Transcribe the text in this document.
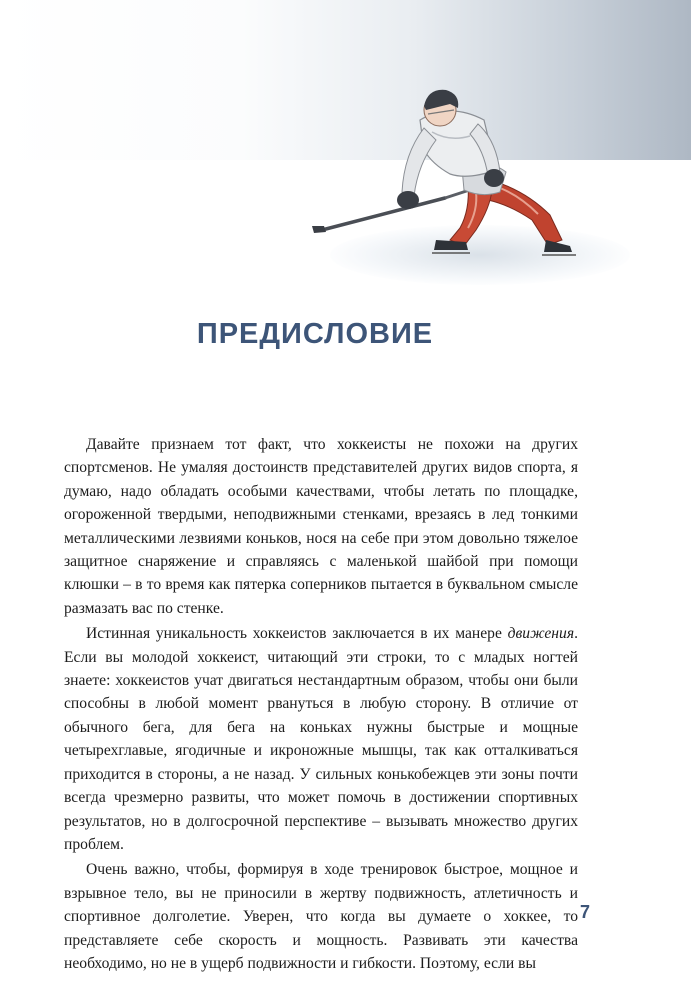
ПРЕДИСЛОВИЕ

Давайте признаем тот факт, что хоккеисты не похожи на других спортсменов. Не умаляя достоинств представителей других видов спорта, я думаю, надо обладать особыми качествами, чтобы летать по площадке, огороженной твердыми, неподвижными стенками, врезаясь в лед тонкими металлическими лезвиями коньков, нося на себе при этом довольно тяжелое защитное снаряжение и справляясь с маленькой шайбой при помощи клюшки – в то время как пятерка соперников пытается в буквальном смысле размазать вас по стенке.

Истинная уникальность хоккеистов заключается в их манере движения. Если вы молодой хоккеист, читающий эти строки, то с младых ногтей знаете: хоккеистов учат двигаться нестандартным образом, чтобы они были способны в любой момент рвануться в любую сторону. В отличие от обычного бега, для бега на коньках нужны быстрые и мощные четырехглавые, ягодичные и икроножные мышцы, так как отталкиваться приходится в стороны, а не назад. У сильных конькобежцев эти зоны почти всегда чрезмерно развиты, что может помочь в достижении спортивных результатов, но в долгосрочной перспективе – вызывать множество других проблем.

Очень важно, чтобы, формируя в ходе тренировок быстрое, мощное и взрывное тело, вы не приносили в жертву подвижность, атлетичность и спортивное долголетие. Уверен, что когда вы думаете о хоккее, то представляете себе скорость и мощность. Развивать эти качества необходимо, но не в ущерб подвижности и гибкости. Поэтому, если вы

7
